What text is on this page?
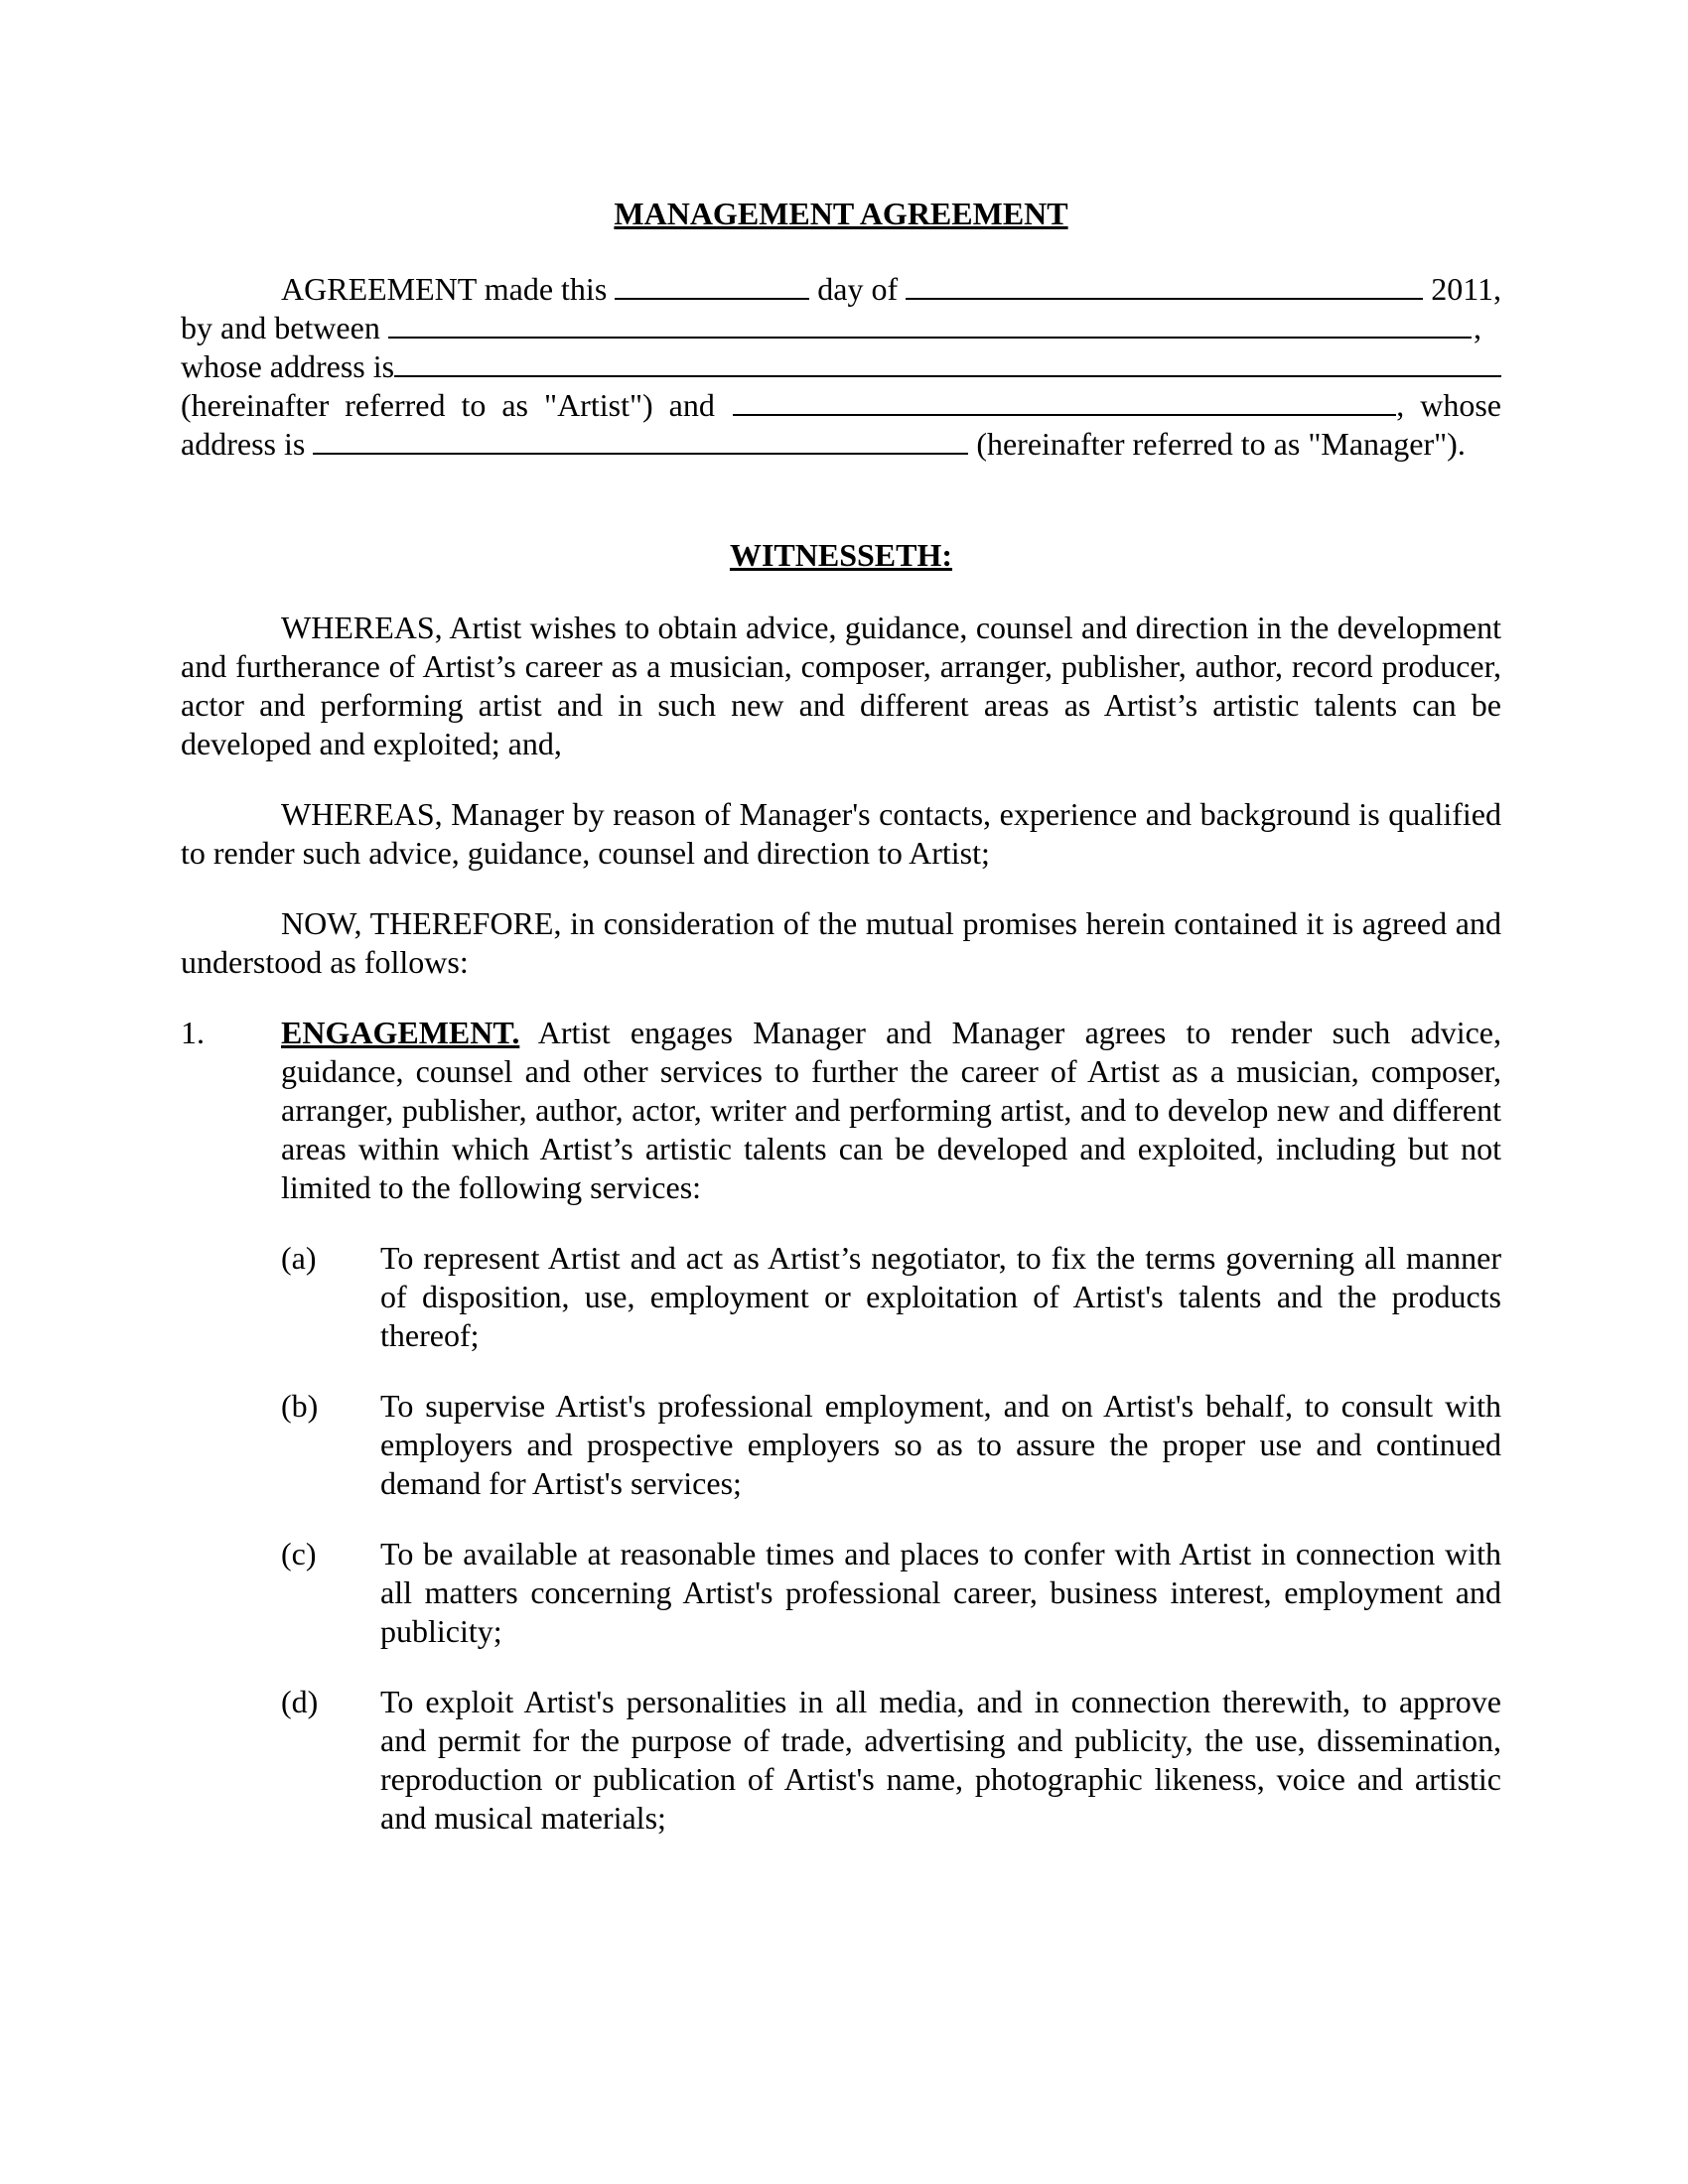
MANAGEMENT AGREEMENT
AGREEMENT made this	day of	2011,
by and between	,
whose address is
(hereinafter  referred  to  as  "Artist")  and	,  whose
address is	(hereinafter referred to as "Manager").
WITNESSETH:
WHEREAS, Artist wishes to obtain advice, guidance, counsel and direction in the development and furtherance of Artist’s career as a musician, composer, arranger, publisher, author, record producer, actor and performing artist and in such new and different areas as Artist’s artistic talents can be developed and exploited; and,
WHEREAS, Manager by reason of Manager's contacts, experience and background is qualified to render such advice, guidance, counsel and direction to Artist;
NOW, THEREFORE, in consideration of the mutual promises herein contained it is agreed and understood as follows:
1.	ENGAGEMENT. Artist engages Manager and Manager agrees to render such advice, guidance, counsel and other services to further the career of Artist as a musician, composer, arranger, publisher, author, actor, writer and performing artist, and to develop new and different areas within which Artist’s artistic talents can be developed and exploited, including but not limited to the following services:
(a)	To represent Artist and act as Artist’s negotiator, to fix the terms governing all manner of disposition, use, employment or exploitation of Artist's talents and the products thereof;
(b)	To supervise Artist's professional employment, and on Artist's behalf, to consult with employers and prospective employers so as to assure the proper use and continued demand for Artist's services;
(c)	To be available at reasonable times and places to confer with Artist in connection with all matters concerning Artist's professional career, business interest, employment and publicity;
(d)	To exploit Artist's personalities in all media, and in connection therewith, to approve and permit for the purpose of trade, advertising and publicity, the use, dissemination, reproduction or publication of Artist's name, photographic likeness, voice and artistic and musical materials;
